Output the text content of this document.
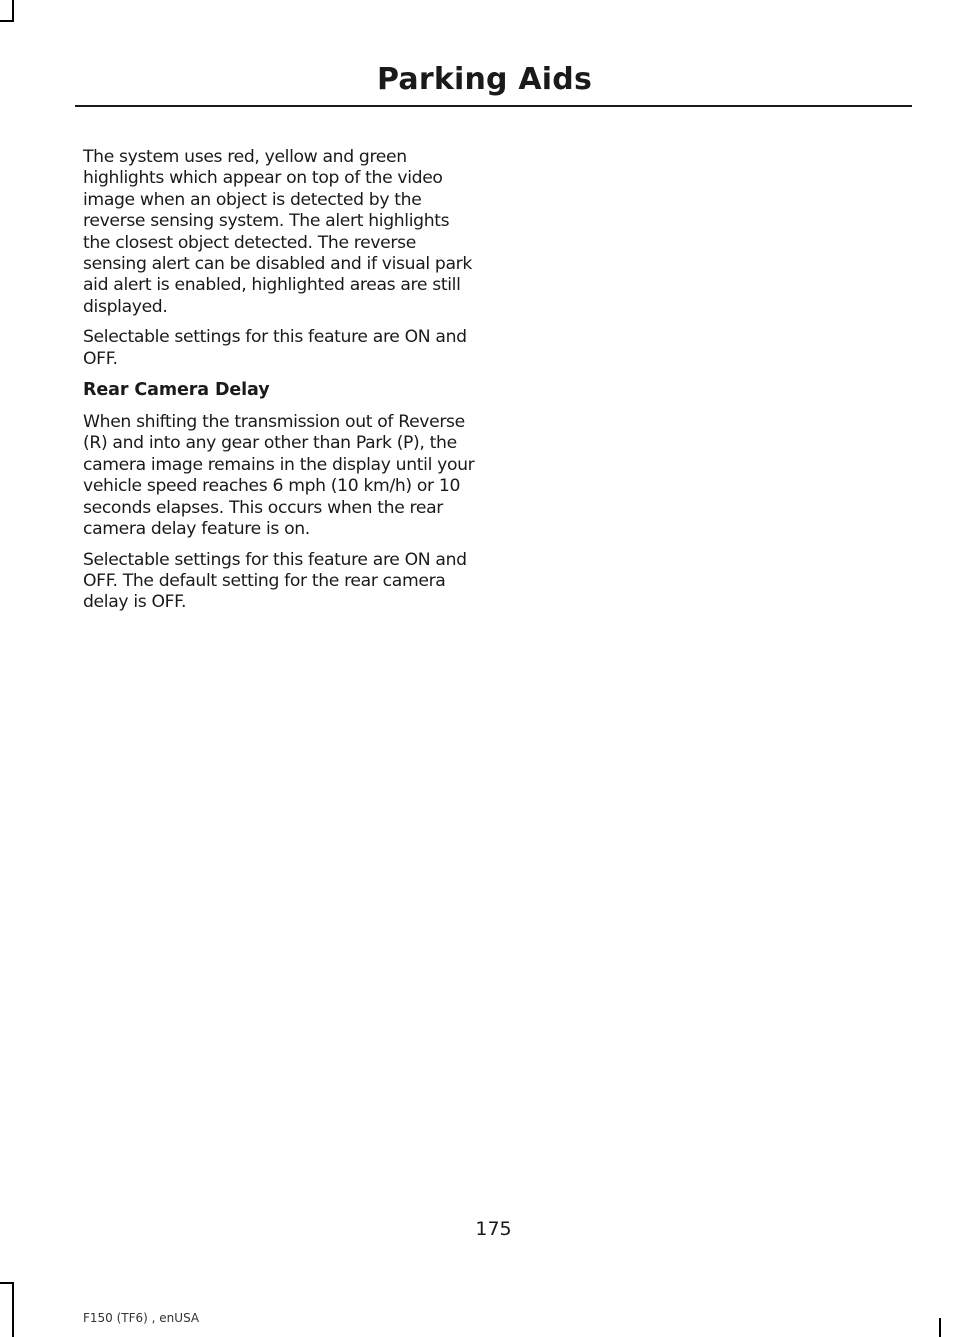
Parking Aids

The system uses red, yellow and green highlights which appear on top of the video image when an object is detected by the reverse sensing system. The alert highlights the closest object detected. The reverse sensing alert can be disabled and if visual park aid alert is enabled, highlighted areas are still displayed.

Selectable settings for this feature are ON and OFF.

Rear Camera Delay

When shifting the transmission out of Reverse (R) and into any gear other than Park (P), the camera image remains in the display until your vehicle speed reaches 6 mph (10 km/h) or 10 seconds elapses. This occurs when the rear camera delay feature is on.

Selectable settings for this feature are ON and OFF. The default setting for the rear camera delay is OFF.

175
F150 (TF6) , enUSA
